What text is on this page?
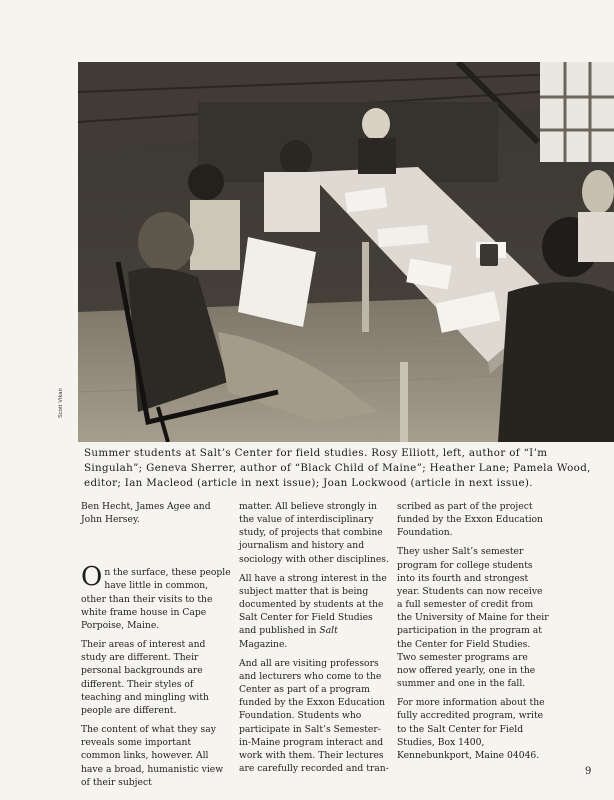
Scott Vikan
Summer students at Salt’s Center for field studies. Rosy Elliott, left, author of “I’m Singulah”; Geneva Sherrer, author of “Black Child of Maine”; Heather Lane; Pamela Wood, editor; Ian Macleod (article in next issue); Joan Lockwood (article in next issue).

Ben Hecht, James Agee and John Hersey.

On the surface, these people have little in common, other than their visits to the white frame house in Cape Porpoise, Maine.

Their areas of interest and study are different. Their personal backgrounds are different. Their styles of teaching and mingling with people are different.

The content of what they say reveals some important common links, however. All have a broad, humanistic view of their subject

matter. All believe strongly in the value of interdisciplinary study, of projects that combine journalism and history and sociology with other disciplines.

All have a strong interest in the subject matter that is being documented by students at the Salt Center for Field Studies and published in Salt Magazine.

And all are visiting professors and lecturers who come to the Center as part of a program funded by the Exxon Education Foundation. Students who participate in Salt’s Semester-in-Maine program interact and work with them. Their lectures are carefully recorded and tran-

scribed as part of the project funded by the Exxon Education Foundation.

They usher Salt’s semester program for college students into its fourth and strongest year. Students can now receive a full semester of credit from the University of Maine for their participation in the program at the Center for Field Studies. Two semester programs are now offered yearly, one in the summer and one in the fall.

For more information about the fully accredited program, write to the Salt Center for Field Studies, Box 1400, Kennebunkport, Maine 04046.

9
